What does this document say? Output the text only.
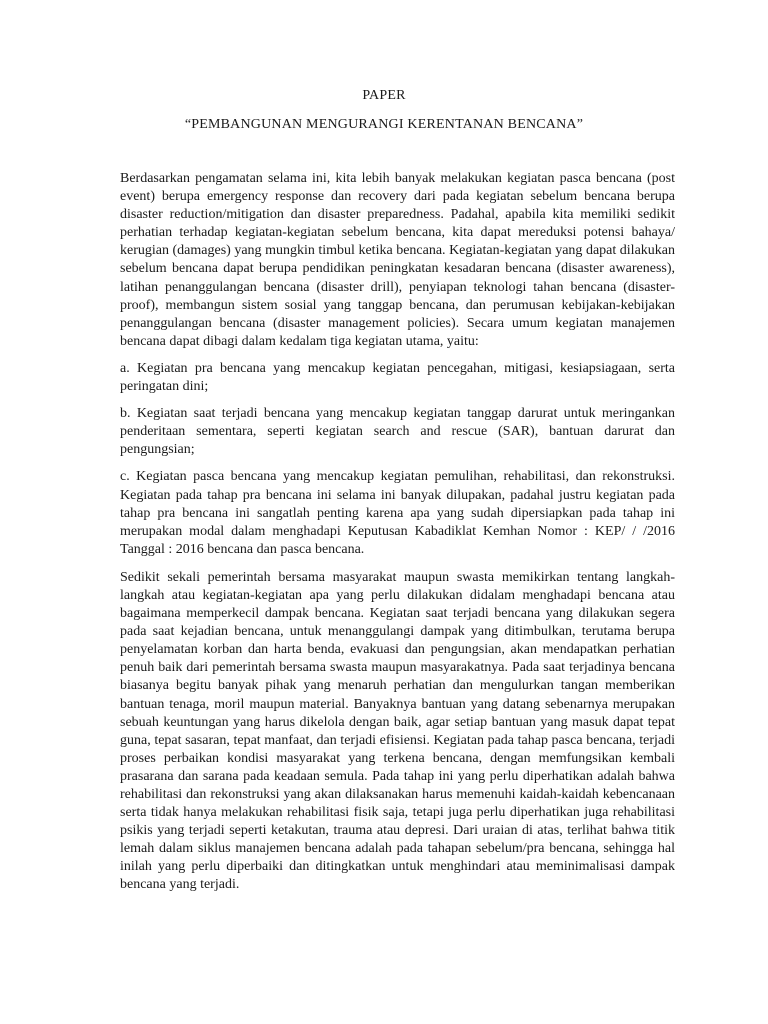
PAPER
“PEMBANGUNAN MENGURANGI KERENTANAN BENCANA”

Berdasarkan pengamatan selama ini, kita lebih banyak melakukan kegiatan pasca bencana (post event) berupa emergency response dan recovery dari pada kegiatan sebelum bencana berupa disaster reduction/mitigation dan disaster preparedness. Padahal, apabila kita memiliki sedikit perhatian terhadap kegiatan-kegiatan sebelum bencana, kita dapat mereduksi potensi bahaya/ kerugian (damages) yang mungkin timbul ketika bencana. Kegiatan-kegiatan yang dapat dilakukan sebelum bencana dapat berupa pendidikan peningkatan kesadaran bencana (disaster awareness), latihan penanggulangan bencana (disaster drill), penyiapan teknologi tahan bencana (disaster-proof), membangun sistem sosial yang tanggap bencana, dan perumusan kebijakan-kebijakan penanggulangan bencana (disaster management policies). Secara umum kegiatan manajemen bencana dapat dibagi dalam kedalam tiga kegiatan utama, yaitu:

a. Kegiatan pra bencana yang mencakup kegiatan pencegahan, mitigasi, kesiapsiagaan, serta peringatan dini;

b. Kegiatan saat terjadi bencana yang mencakup kegiatan tanggap darurat untuk meringankan penderitaan sementara, seperti kegiatan search and rescue (SAR), bantuan darurat dan pengungsian;

c. Kegiatan pasca bencana yang mencakup kegiatan pemulihan, rehabilitasi, dan rekonstruksi. Kegiatan pada tahap pra bencana ini selama ini banyak dilupakan, padahal justru kegiatan pada tahap pra bencana ini sangatlah penting karena apa yang sudah dipersiapkan pada tahap ini merupakan modal dalam menghadapi Keputusan Kabadiklat Kemhan Nomor : KEP/ / /2016 Tanggal : 2016 bencana dan pasca bencana.

Sedikit sekali pemerintah bersama masyarakat maupun swasta memikirkan tentang langkah-langkah atau kegiatan-kegiatan apa yang perlu dilakukan didalam menghadapi bencana atau bagaimana memperkecil dampak bencana. Kegiatan saat terjadi bencana yang dilakukan segera pada saat kejadian bencana, untuk menanggulangi dampak yang ditimbulkan, terutama berupa penyelamatan korban dan harta benda, evakuasi dan pengungsian, akan mendapatkan perhatian penuh baik dari pemerintah bersama swasta maupun masyarakatnya. Pada saat terjadinya bencana biasanya begitu banyak pihak yang menaruh perhatian dan mengulurkan tangan memberikan bantuan tenaga, moril maupun material. Banyaknya bantuan yang datang sebenarnya merupakan sebuah keuntungan yang harus dikelola dengan baik, agar setiap bantuan yang masuk dapat tepat guna, tepat sasaran, tepat manfaat, dan terjadi efisiensi. Kegiatan pada tahap pasca bencana, terjadi proses perbaikan kondisi masyarakat yang terkena bencana, dengan memfungsikan kembali prasarana dan sarana pada keadaan semula. Pada tahap ini yang perlu diperhatikan adalah bahwa rehabilitasi dan rekonstruksi yang akan dilaksanakan harus memenuhi kaidah-kaidah kebencanaan serta tidak hanya melakukan rehabilitasi fisik saja, tetapi juga perlu diperhatikan juga rehabilitasi psikis yang terjadi seperti ketakutan, trauma atau depresi. Dari uraian di atas, terlihat bahwa titik lemah dalam siklus manajemen bencana adalah pada tahapan sebelum/pra bencana, sehingga hal inilah yang perlu diperbaiki dan ditingkatkan untuk menghindari atau meminimalisasi dampak bencana yang terjadi.
